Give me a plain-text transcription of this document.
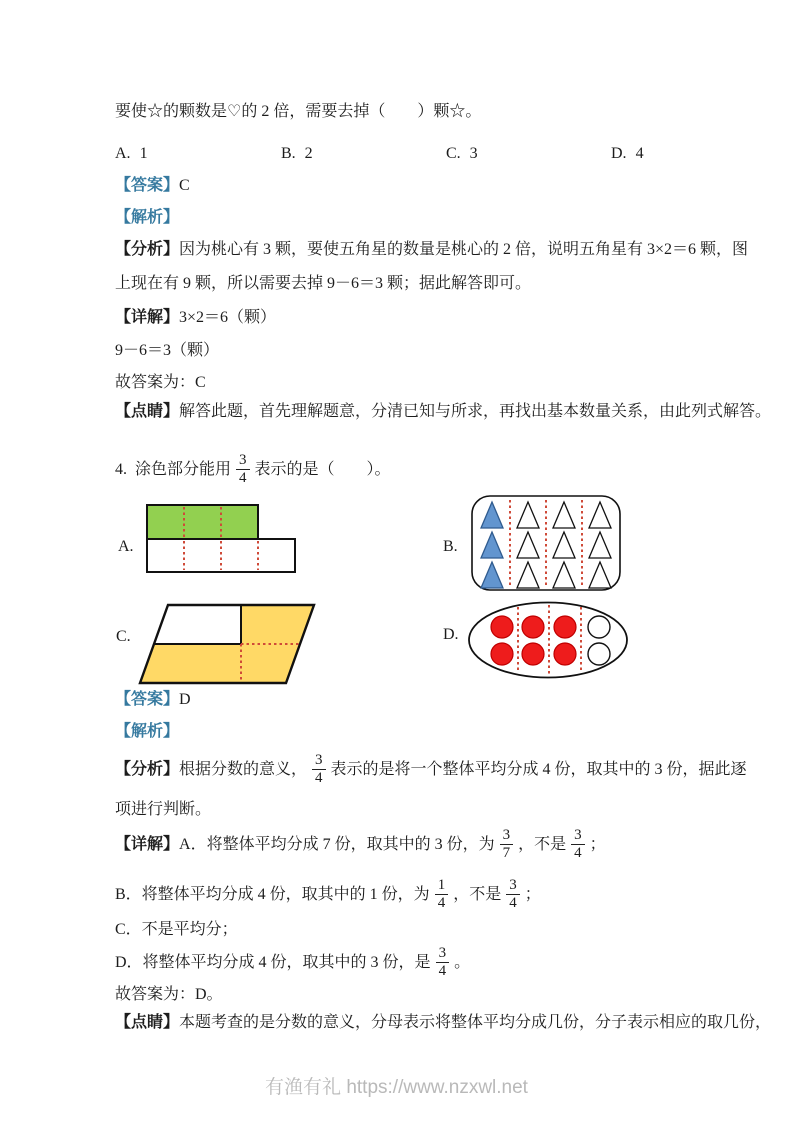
要使☆的颗数是♡的 2 倍，需要去掉（　　）颗☆。
A. 1	B. 2	C. 3	D. 4
【答案】C
【解析】
【分析】因为桃心有 3 颗，要使五角星的数量是桃心的 2 倍，说明五角星有 3×2＝6 颗，图
上现在有 9 颗，所以需要去掉 9－6＝3 颗；据此解答即可。
【详解】3×2＝6（颗）
9－6＝3（颗）
故答案为：C
【点睛】解答此题，首先理解题意，分清已知与所求，再找出基本数量关系，由此列式解答。
4. 涂色部分能用 $\frac{3}{4}$ 表示的是（　　）。
A.	B.
C.	D.
【答案】D
【解析】
【分析】 根据分数的意义， $\frac{3}{4}$ 表示的是将一个整体平均分成 4 份，取其中的 3 份，据此逐
项进行判断。
【详解】 A．将整体平均分成 7 份，取其中的 3 份，为 $\frac{3}{7}$ ，不是 $\frac{3}{4}$ ；
B．将整体平均分成 4 份，取其中的 1 份，为 $\frac{1}{4}$ ，不是 $\frac{3}{4}$ ；
C．不是平均分；
D．将整体平均分成 4 份，取其中的 3 份，是 $\frac{3}{4}$ 。
故答案为：D。
【点睛】本题考查的是分数的意义，分母表示将整体平均分成几份，分子表示相应的取几份，
有渔有礼 https://www.nzxwl.net
